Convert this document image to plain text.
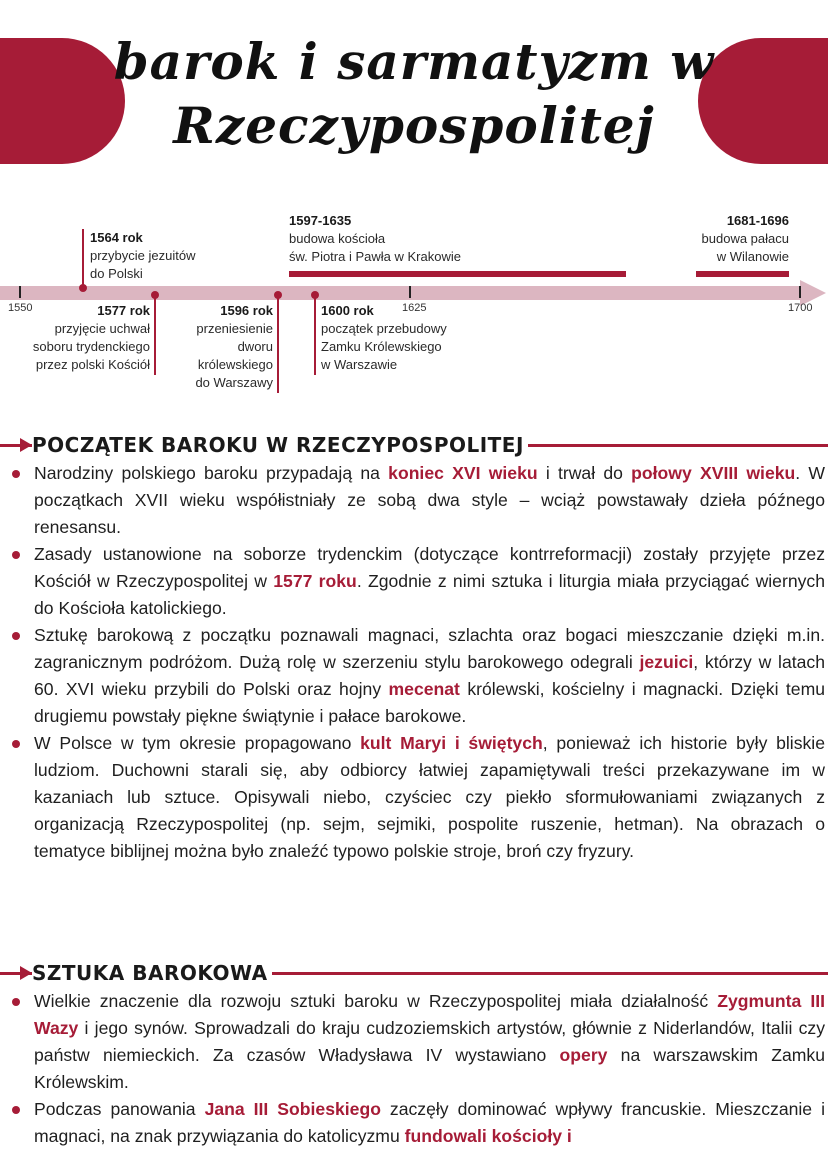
barok i sarmatyzm w
Rzeczypospolitej
1550	1625	1700
1564 rok
przybycie jezuitów
do Polski
1597-1635
budowa kościoła
św. Piotra i Pawła w Krakowie
1681-1696
budowa pałacu
w Wilanowie
1577 rok
przyjęcie uchwał
soboru trydenckiego
przez polski Kościół
1596 rok
przeniesienie
dworu
królewskiego
do Warszawy
1600 rok
początek przebudowy
Zamku Królewskiego
w Warszawie
POCZĄTEK BAROKU W RZECZYPOSPOLITEJ
Narodziny polskiego baroku przypadają na koniec XVI wieku i trwał do połowy XVIII wieku. W początkach XVII wieku współistniały ze sobą dwa style – wciąż powstawały dzieła późnego renesansu.
Zasady ustanowione na soborze trydenckim (dotyczące kontrreformacji) zostały przyjęte przez Kościół w Rzeczypospolitej w 1577 roku. Zgodnie z nimi sztuka i liturgia miała przyciągać wiernych do Kościoła katolickiego.
Sztukę barokową z początku poznawali magnaci, szlachta oraz bogaci mieszczanie dzięki m.in. zagranicznym podróżom. Dużą rolę w szerzeniu stylu barokowego odegrali jezuici, którzy w latach 60. XVI wieku przybili do Polski oraz hojny mecenat królewski, kościelny i magnacki. Dzięki temu drugiemu powstały piękne świątynie i pałace barokowe.
W Polsce w tym okresie propagowano kult Maryi i świętych, ponieważ ich historie były bliskie ludziom. Duchowni starali się, aby odbiorcy łatwiej zapamiętywali treści przekazywane im w kazaniach lub sztuce. Opisywali niebo, czyściec czy piekło sformułowaniami związanych z organizacją Rzeczypospolitej (np. sejm, sejmiki, pospolite ruszenie, hetman). Na obrazach o tematyce biblijnej można było znaleźć typowo polskie stroje, broń czy fryzury.
SZTUKA BAROKOWA
Wielkie znaczenie dla rozwoju sztuki baroku w Rzeczypospolitej miała działalność Zygmunta III Wazy i jego synów. Sprowadzali do kraju cudzoziemskich artystów, głównie z Niderlandów, Italii czy państw niemieckich. Za czasów Władysława IV wystawiano opery na warszawskim Zamku Królewskim.
Podczas panowania Jana III Sobieskiego zaczęły dominować wpływy francuskie. Mieszczanie i magnaci, na znak przywiązania do katolicyzmu fundowali kościoły i
